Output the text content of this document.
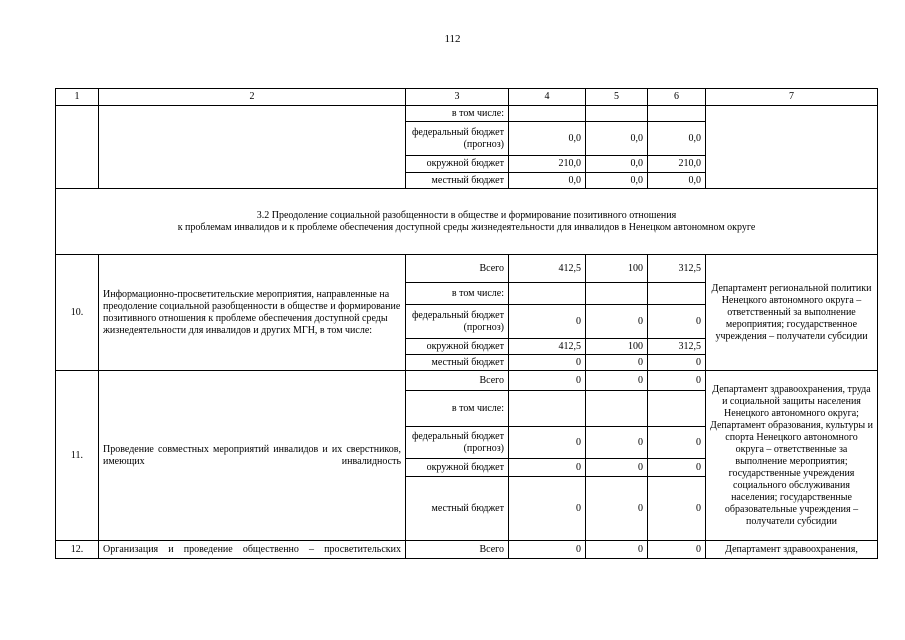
112
1	2	3	4	5	6	7
		в том числе:				
		федеральный бюджет (прогноз)	0,0	0,0	0,0	
		окружной бюджет	210,0	0,0	210,0	
		местный бюджет	0,0	0,0	0,0	

3.2 Преодоление социальной разобщенности в обществе и формирование позитивного отношения
к проблемам инвалидов и к проблеме обеспечения доступной среды жизнедеятельности для инвалидов в Ненецком автономном округе						

10.	Информационно-просветительские мероприятия, направленные на преодоление социальной разобщенности в обществе и формирование позитивного отношения к проблеме обеспечения доступной среды жизнедеятельности для инвалидов и других МГН, в том числе:	Всего	412,5	100	312,5	Департамент региональной политики Ненецкого автономного округа – ответственный за выполнение мероприятия; государственное учреждения – получатели субсидии
		в том числе:				
		федеральный бюджет (прогноз)	0	0	0	
		окружной бюджет	412,5	100	312,5	
		местный бюджет	0	0	0	
11.	Проведение совместных мероприятий инвалидов и их сверстников, имеющих инвалидность	Всего	0	0	0	Департамент здравоохранения, труда и социальной защиты населения Ненецкого автономного округа; Департамент образования, культуры и спорта Ненецкого автономного округа – ответственные за выполнение мероприятия; государственные учреждения социального обслуживания населения; государственные образовательные учреждения – получатели субсидии
		в том числе:				
		федеральный бюджет (прогноз)	0	0	0	
		окружной бюджет	0	0	0	
		местный бюджет	0	0	0	
12.	Организация и проведение общественно – просветительских	Всего	0	0	0	Департамент здравоохранения,
